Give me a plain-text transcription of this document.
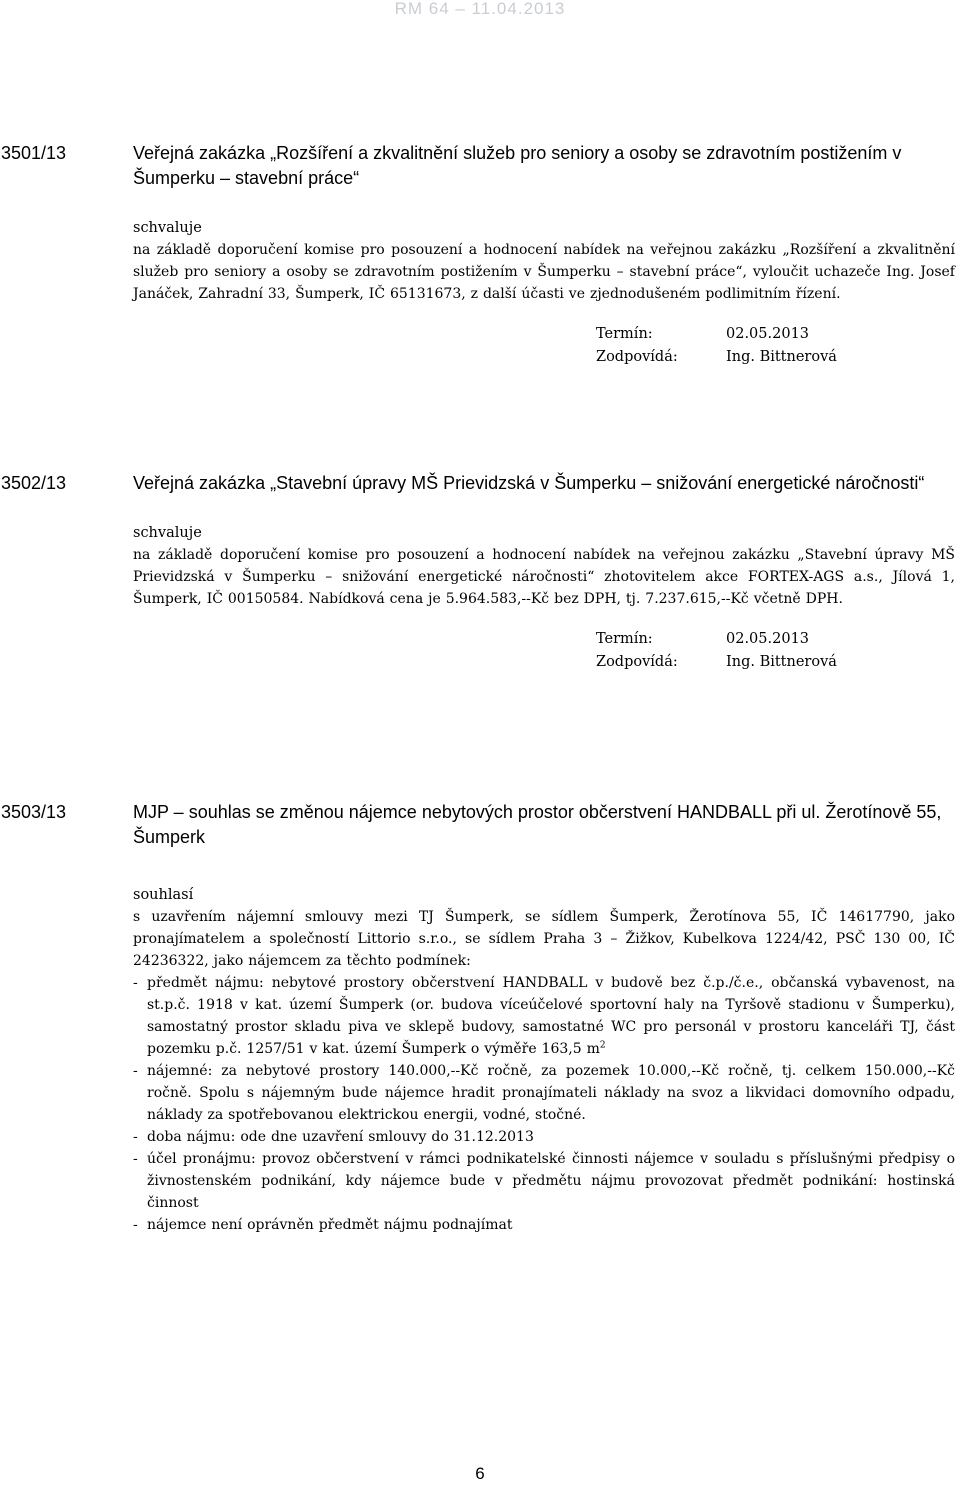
RM 64 – 11.04.2013
3501/13	Veřejná zakázka „Rozšíření a zkvalitnění služeb pro seniory a osoby se zdravotním postižením v Šumperku – stavební práce“

schvaluje

na základě doporučení komise pro posouzení a hodnocení nabídek na veřejnou zakázku „Rozšíření a zkvalitnění služeb pro seniory a osoby se zdravotním postižením v Šumperku – stavební práce“, vyloučit uchazeče Ing. Josef Janáček, Zahradní 33, Šumperk, IČ 65131673, z další účasti ve zjednodušeném podlimitním řízení.

Termín:	02.05.2013
Zodpovídá:	Ing. Bittnerová
3502/13	Veřejná zakázka „Stavební úpravy MŠ Prievidzská v Šumperku – snižování energetické náročnosti“

schvaluje

na základě doporučení komise pro posouzení a hodnocení nabídek na veřejnou zakázku „Stavební úpravy MŠ Prievidzská v Šumperku – snižování energetické náročnosti“ zhotovitelem akce FORTEX-AGS a.s., Jílová 1, Šumperk, IČ 00150584. Nabídková cena je 5.964.583,--Kč bez DPH, tj. 7.237.615,--Kč včetně DPH.

Termín:	02.05.2013
Zodpovídá:	Ing. Bittnerová
3503/13	MJP – souhlas se změnou nájemce nebytových prostor občerstvení HANDBALL při ul. Žerotínově 55, Šumperk

souhlasí

s uzavřením nájemní smlouvy mezi TJ Šumperk, se sídlem Šumperk, Žerotínova 55, IČ 14617790, jako pronajímatelem a společností Littorio s.r.o., se sídlem Praha 3 – Žižkov, Kubelkova 1224/42, PSČ 130 00, IČ 24236322, jako nájemcem za těchto podmínek:

- předmět nájmu: nebytové prostory občerstvení HANDBALL v budově bez č.p./č.e., občanská vybavenost, na st.p.č. 1918 v kat. území Šumperk (or. budova víceúčelové sportovní haly na Tyršově stadionu v Šumperku), samostatný prostor skladu piva ve sklepě budovy, samostatné WC pro personál v prostoru kanceláři TJ, část pozemku p.č. 1257/51 v kat. území Šumperk o výměře 163,5 $m^2$
- nájemné: za nebytové prostory 140.000,--Kč ročně, za pozemek 10.000,--Kč ročně, tj. celkem 150.000,--Kč ročně. Spolu s nájemným bude nájemce hradit pronajímateli náklady na svoz a likvidaci domovního odpadu, náklady za spotřebovanou elektrickou energii, vodné, stočné.
- doba nájmu: ode dne uzavření smlouvy do 31.12.2013
- účel pronájmu: provoz občerstvení v rámci podnikatelské činnosti nájemce v souladu s příslušnými předpisy o živnostenském podnikání, kdy nájemce bude v předmětu nájmu provozovat předmět podnikání: hostinská činnost
- nájemce není oprávněn předmět nájmu podnajímat
6
